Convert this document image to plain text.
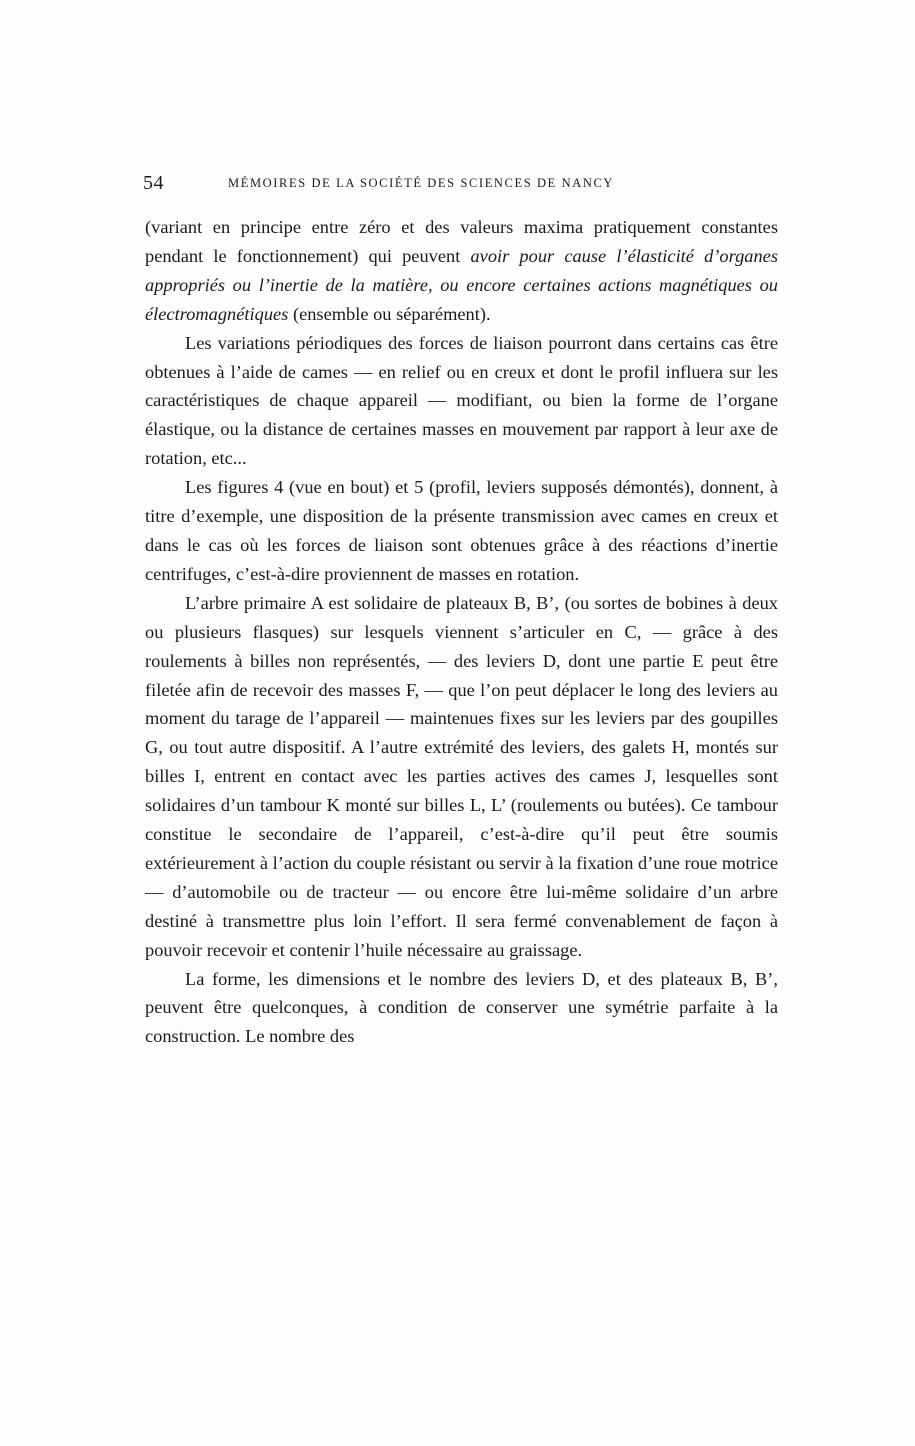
54	MÉMOIRES DE LA SOCIÉTÉ DES SCIENCES DE NANCY

(variant en principe entre zéro et des valeurs maxima pratiquement constantes pendant le fonctionnement) qui peuvent avoir pour cause l’élasticité d’organes appropriés ou l’inertie de la matière, ou encore certaines actions magnétiques ou électromagnétiques (ensemble ou séparément).

Les variations périodiques des forces de liaison pourront dans certains cas être obtenues à l’aide de cames — en relief ou en creux et dont le profil influera sur les caractéristiques de chaque appareil — modifiant, ou bien la forme de l’organe élastique, ou la distance de certaines masses en mouvement par rapport à leur axe de rotation, etc...

Les figures 4 (vue en bout) et 5 (profil, leviers supposés démontés), donnent, à titre d’exemple, une disposition de la présente transmission avec cames en creux et dans le cas où les forces de liaison sont obtenues grâce à des réactions d’inertie centrifuges, c’est-à-dire proviennent de masses en rotation.

L’arbre primaire A est solidaire de plateaux B, B’, (ou sortes de bobines à deux ou plusieurs flasques) sur lesquels viennent s’articuler en C, — grâce à des roulements à billes non représentés, — des leviers D, dont une partie E peut être filetée afin de recevoir des masses F, — que l’on peut déplacer le long des leviers au moment du tarage de l’appareil — maintenues fixes sur les leviers par des goupilles G, ou tout autre dispositif. A l’autre extrémité des leviers, des galets H, montés sur billes I, entrent en contact avec les parties actives des cames J, lesquelles sont solidaires d’un tambour K monté sur billes L, L’ (roulements ou butées). Ce tambour constitue le secondaire de l’appareil, c’est-à-dire qu’il peut être soumis extérieurement à l’action du couple résistant ou servir à la fixation d’une roue motrice — d’automobile ou de tracteur — ou encore être lui-même solidaire d’un arbre destiné à transmettre plus loin l’effort. Il sera fermé convenablement de façon à pouvoir recevoir et contenir l’huile nécessaire au graissage.

La forme, les dimensions et le nombre des leviers D, et des plateaux B, B’, peuvent être quelconques, à condition de conserver une symétrie parfaite à la construction. Le nombre des
